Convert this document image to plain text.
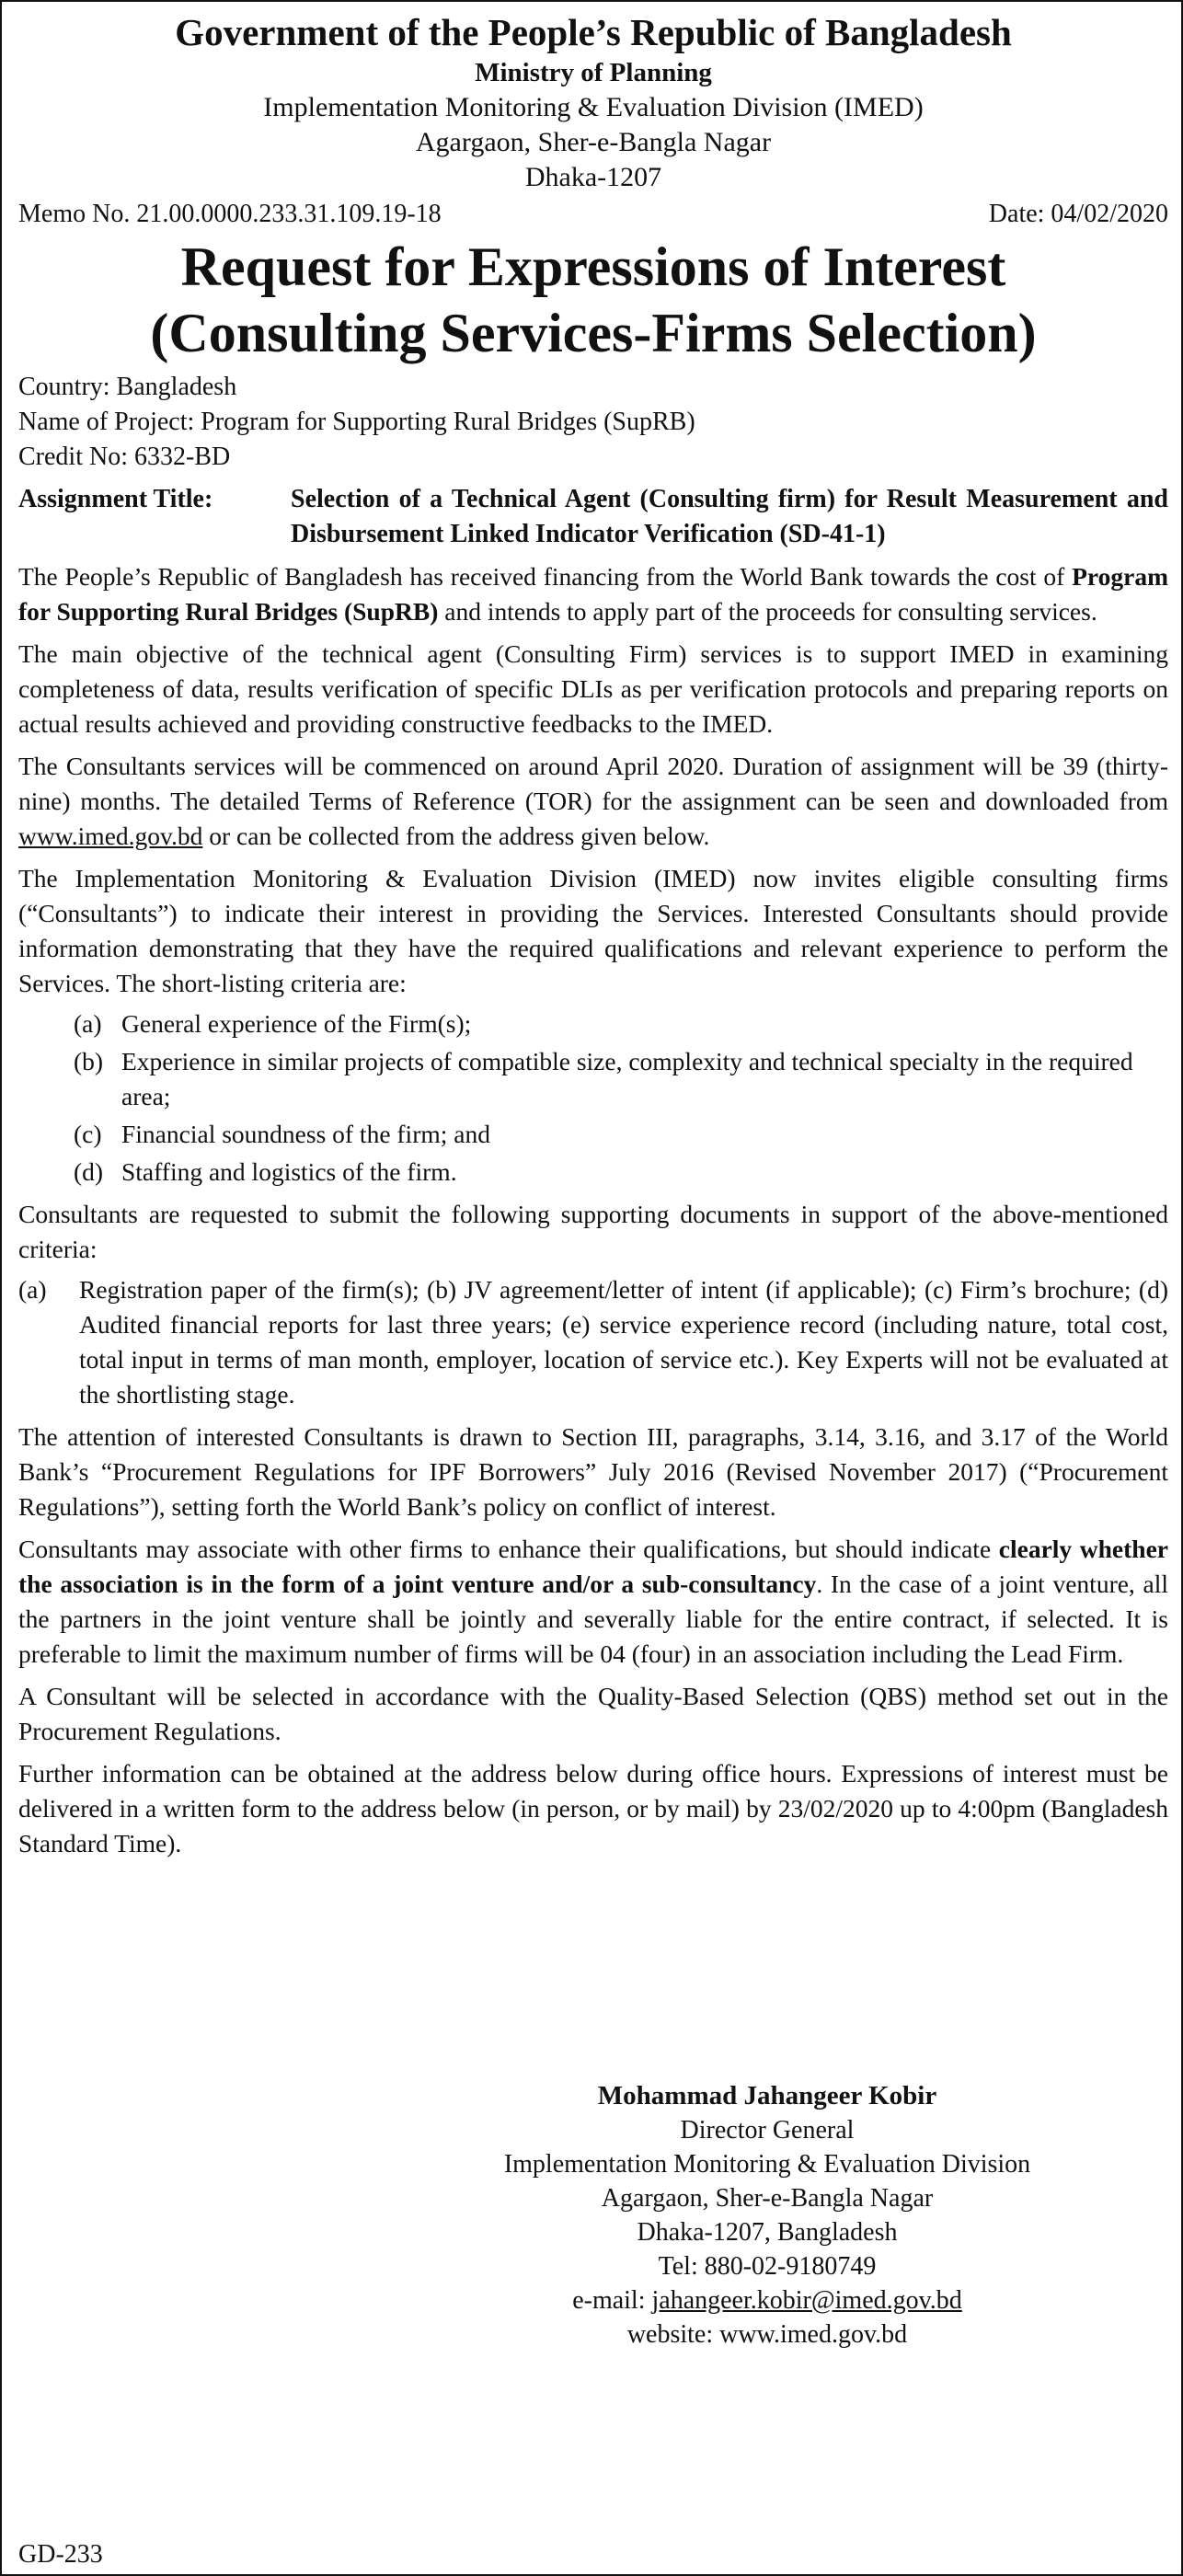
Government of the People’s Republic of Bangladesh
Ministry of Planning
Implementation Monitoring & Evaluation Division (IMED)
Agargaon, Sher-e-Bangla Nagar
Dhaka-1207
Memo No. 21.00.0000.233.31.109.19-18	Date: 04/02/2020
Request for Expressions of Interest
(Consulting Services-Firms Selection)
Country: Bangladesh
Name of Project: Program for Supporting Rural Bridges (SupRB)
Credit No: 6332-BD
Assignment Title:	Selection of a Technical Agent (Consulting firm) for Result Measurement and Disbursement Linked Indicator Verification (SD-41-1)

The People’s Republic of Bangladesh has received financing from the World Bank towards the cost of Program for Supporting Rural Bridges (SupRB) and intends to apply part of the proceeds for consulting services.

The main objective of the technical agent (Consulting Firm) services is to support IMED in examining completeness of data, results verification of specific DLIs as per verification protocols and preparing reports on actual results achieved and providing constructive feedbacks to the IMED.

The Consultants services will be commenced on around April 2020. Duration of assignment will be 39 (thirty-nine) months. The detailed Terms of Reference (TOR) for the assignment can be seen and downloaded from www.imed.gov.bd or can be collected from the address given below.

The Implementation Monitoring & Evaluation Division (IMED) now invites eligible consulting firms (“Consultants”) to indicate their interest in providing the Services. Interested Consultants should provide information demonstrating that they have the required qualifications and relevant experience to perform the Services. The short-listing criteria are:

(a) General experience of the Firm(s);
(b) Experience in similar projects of compatible size, complexity and technical specialty in the required area;
(c) Financial soundness of the firm; and
(d) Staffing and logistics of the firm.

Consultants are requested to submit the following supporting documents in support of the above-mentioned criteria:

(a)	Registration paper of the firm(s); (b) JV agreement/letter of intent (if applicable); (c) Firm’s brochure; (d) Audited financial reports for last three years; (e) service experience record (including nature, total cost, total input in terms of man month, employer, location of service etc.). Key Experts will not be evaluated at the shortlisting stage.

The attention of interested Consultants is drawn to Section III, paragraphs, 3.14, 3.16, and 3.17 of the World Bank’s “Procurement Regulations for IPF Borrowers” July 2016 (Revised November 2017) (“Procurement Regulations”), setting forth the World Bank’s policy on conflict of interest.

Consultants may associate with other firms to enhance their qualifications, but should indicate clearly whether the association is in the form of a joint venture and/or a sub-consultancy. In the case of a joint venture, all the partners in the joint venture shall be jointly and severally liable for the entire contract, if selected. It is preferable to limit the maximum number of firms will be 04 (four) in an association including the Lead Firm.

A Consultant will be selected in accordance with the Quality-Based Selection (QBS) method set out in the Procurement Regulations.

Further information can be obtained at the address below during office hours. Expressions of interest must be delivered in a written form to the address below (in person, or by mail) by 23/02/2020 up to 4:00pm (Bangladesh Standard Time).

Mohammad Jahangeer Kobir
Director General
Implementation Monitoring & Evaluation Division
Agargaon, Sher-e-Bangla Nagar
Dhaka-1207, Bangladesh
Tel: 880-02-9180749
e-mail: jahangeer.kobir@imed.gov.bd
website: www.imed.gov.bd
GD-233
